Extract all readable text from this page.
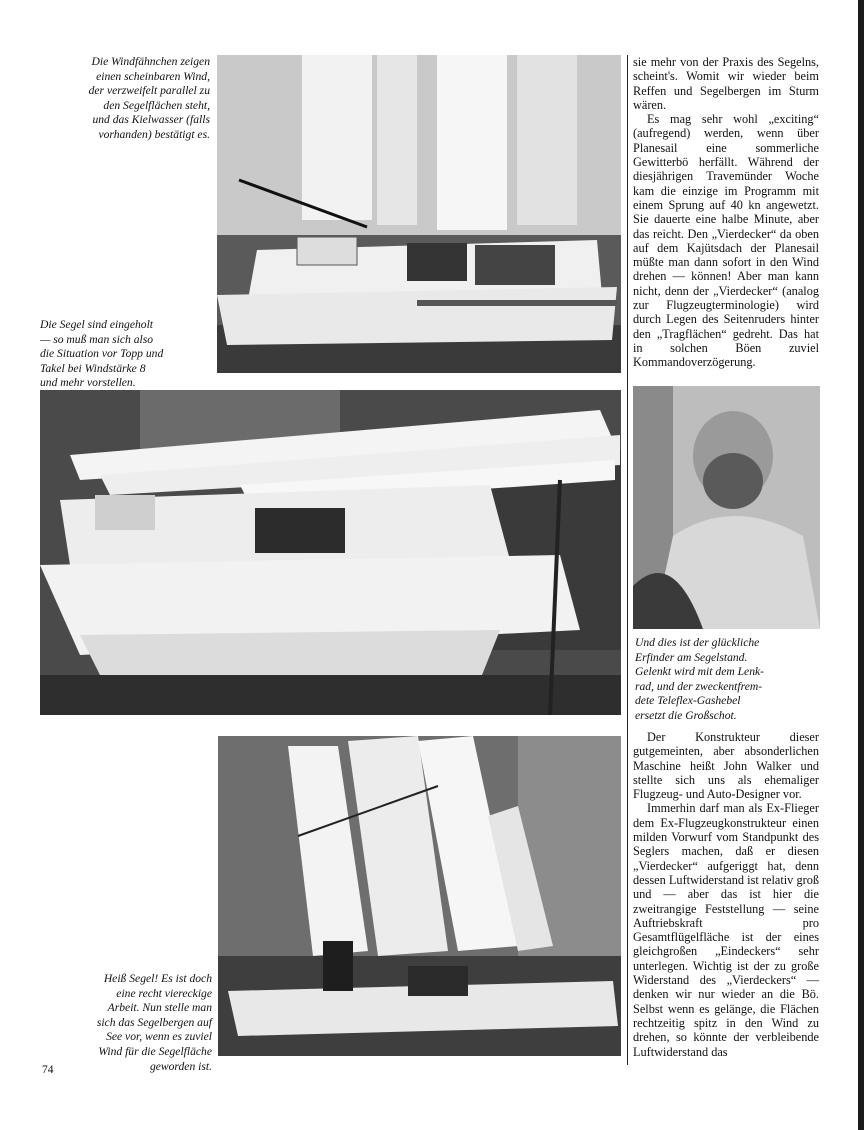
Die Windfähnchen zeigen
einen scheinbaren Wind,
der verzweifelt parallel zu
den Segelflächen steht,
und das Kielwasser (falls
vorhanden) bestätigt es.
Die Segel sind eingeholt
— so muß man sich also
die Situation vor Topp und
Takel bei Windstärke 8
und mehr vorstellen.

sie mehr von der Praxis des Segelns, scheint's. Womit wir wieder beim Reffen und Segelbergen im Sturm wären.

Es mag sehr wohl „exciting“ (aufregend) werden, wenn über Planesail eine sommerliche Gewitterbö herfällt. Während der diesjährigen Travemünder Woche kam die einzige im Programm mit einem Sprung auf 40 kn angewetzt. Sie dauerte eine halbe Minute, aber das reicht. Den „Vierdecker“ da oben auf dem Kajütsdach der Planesail müßte man dann sofort in den Wind drehen — können! Aber man kann nicht, denn der „Vierdecker“ (analog zur Flugzeugterminologie) wird durch Legen des Seitenruders hinter den „Tragflächen“ gedreht. Das hat in solchen Böen zuviel Kommandoverzögerung.

Und dies ist der glückliche
Erfinder am Segelstand.
Gelenkt wird mit dem Lenk-
rad, und der zweckentfrem-
dete Teleflex-Gashebel
ersetzt die Großschot.
Heiß Segel! Es ist doch
eine recht viereckige
Arbeit. Nun stelle man
sich das Segelbergen auf
See vor, wenn es zuviel
Wind für die Segelfläche
geworden ist.

Der Konstrukteur dieser gutgemeinten, aber absonderlichen Maschine heißt John Walker und stellte sich uns als ehemaliger Flugzeug- und Auto-Designer vor.

Immerhin darf man als Ex-Flieger dem Ex-Flugzeugkonstrukteur einen milden Vorwurf vom Standpunkt des Seglers machen, daß er diesen „Vierdecker“ aufgeriggt hat, denn dessen Luftwiderstand ist relativ groß und — aber das ist hier die zweitrangige Feststellung — seine Auftriebskraft pro Gesamtflügelfläche ist der eines gleichgroßen „Eindeckers“ sehr unterlegen. Wichtig ist der zu große Widerstand des „Vierdeckers“ — denken wir nur wieder an die Bö. Selbst wenn es gelänge, die Flächen rechtzeitig spitz in den Wind zu drehen, so könnte der verbleibende Luftwiderstand das

74
